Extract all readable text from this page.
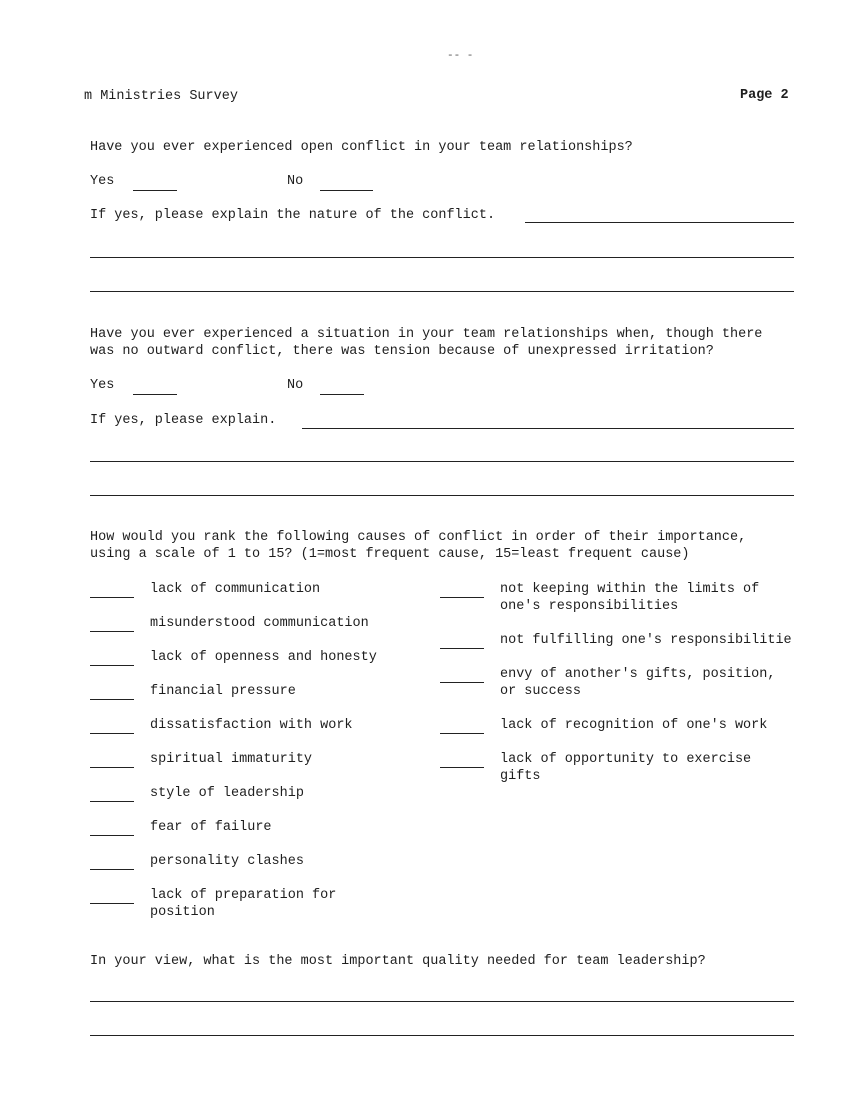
-- -
m Ministries Survey	Page 2
Have you ever experienced open conflict in your team relationships?
Yes	No
If yes, please explain the nature of the conflict.
Have you ever experienced a situation in your team relationships when, though there
was no outward conflict, there was tension because of unexpressed irritation?
Yes	No
If yes, please explain.
How would you rank the following causes of conflict in order of their importance,
using a scale of 1 to 15? (1=most frequent cause, 15=least frequent cause)
lack of communication
misunderstood communication
lack of openness and honesty
financial pressure
dissatisfaction with work
spiritual immaturity
style of leadership
fear of failure
personality clashes
lack of preparation for
position
not keeping within the limits of
one's responsibilities
not fulfilling one's responsibilitie
envy of another's gifts, position,
or success
lack of recognition of one's work
lack of opportunity to exercise
gifts
In your view, what is the most important quality needed for team leadership?
